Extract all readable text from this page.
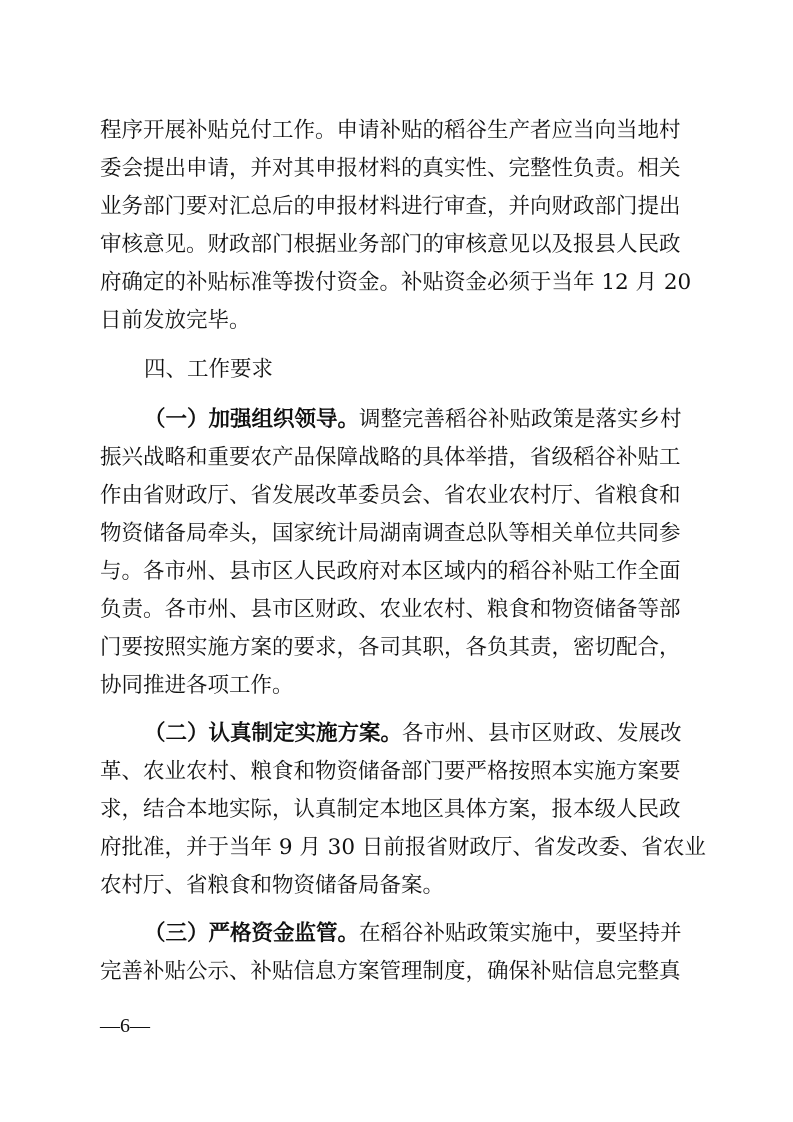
程序开展补贴兑付工作。申请补贴的稻谷生产者应当向当地村
委会提出申请，并对其申报材料的真实性、完整性负责。相关
业务部门要对汇总后的申报材料进行审查，并向财政部门提出
审核意见。财政部门根据业务部门的审核意见以及报县人民政
府确定的补贴标准等拨付资金。补贴资金必须于当年 12 月 20
日前发放完毕。
四、工作要求
（一）加强组织领导。调整完善稻谷补贴政策是落实乡村
振兴战略和重要农产品保障战略的具体举措，省级稻谷补贴工
作由省财政厅、省发展改革委员会、省农业农村厅、省粮食和
物资储备局牵头，国家统计局湖南调查总队等相关单位共同参
与。各市州、县市区人民政府对本区域内的稻谷补贴工作全面
负责。各市州、县市区财政、农业农村、粮食和物资储备等部
门要按照实施方案的要求，各司其职，各负其责，密切配合，
协同推进各项工作。
（二）认真制定实施方案。各市州、县市区财政、发展改
革、农业农村、粮食和物资储备部门要严格按照本实施方案要
求，结合本地实际，认真制定本地区具体方案，报本级人民政
府批准，并于当年 9 月 30 日前报省财政厅、省发改委、省农业
农村厅、省粮食和物资储备局备案。
（三）严格资金监管。在稻谷补贴政策实施中，要坚持并
完善补贴公示、补贴信息方案管理制度，确保补贴信息完整真
—6—
